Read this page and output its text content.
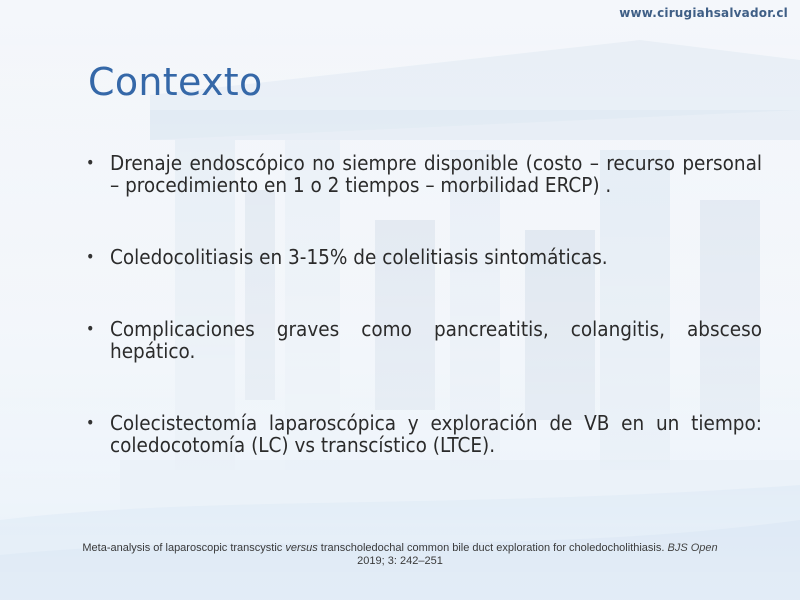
www.cirugiahsalvador.cl
Contexto
• Drenaje endoscópico no siempre disponible (costo – recurso personal – procedimiento en 1 o 2 tiempos – morbilidad ERCP) .
• Coledocolitiasis en 3-15% de colelitiasis sintomáticas.
• Complicaciones graves como pancreatitis, colangitis, absceso hepático.
• Colecistectomía laparoscópica y exploración de VB en un tiempo: coledocotomía (LC) vs transcístico (LTCE).
Meta-analysis of laparoscopic transcystic versus transcholedochal common bile duct exploration for choledocholithiasis. BJS Open
2019; 3: 242–251
